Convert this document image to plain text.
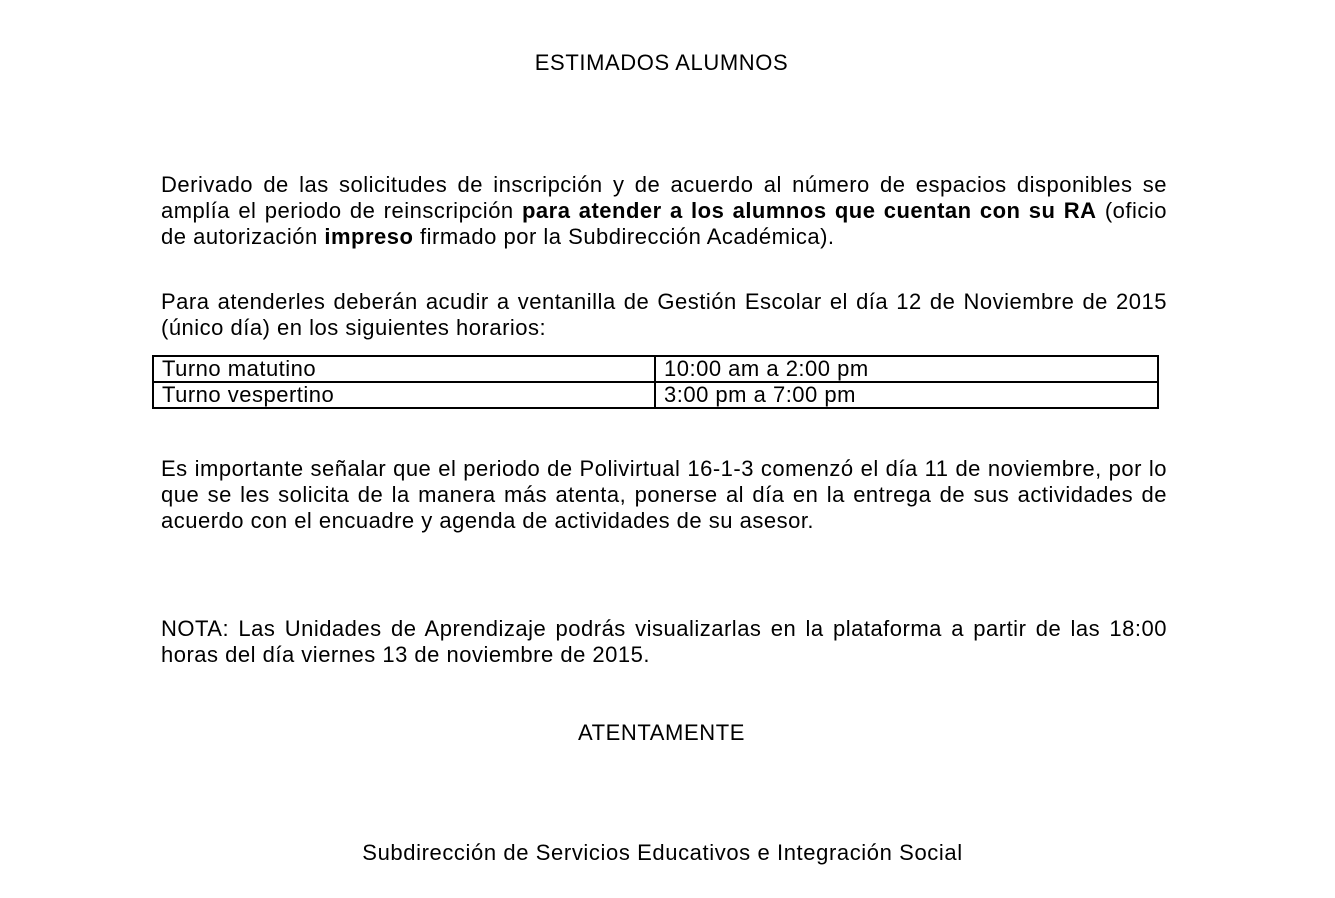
ESTIMADOS ALUMNOS

Derivado de las solicitudes de inscripción y de acuerdo al número de espacios disponibles se amplía el periodo de reinscripción para atender a los alumnos que cuentan con su RA (oficio de autorización impreso firmado por la Subdirección Académica).

Para atenderles deberán acudir a ventanilla de Gestión Escolar el día 12 de Noviembre de 2015 (único día) en los siguientes horarios:

Turno matutino	10:00 am a 2:00 pm
Turno vespertino	3:00 pm a 7:00 pm

Es importante señalar que el periodo de Polivirtual 16-1-3 comenzó el día 11 de noviembre, por lo que se les solicita de la manera más atenta, ponerse al día en la entrega de sus actividades de acuerdo con el encuadre y agenda de actividades de su asesor.

NOTA: Las Unidades de Aprendizaje podrás visualizarlas en la plataforma a partir de las 18:00 horas del día viernes 13 de noviembre de 2015.

ATENTAMENTE
Subdirección de Servicios Educativos e Integración Social
